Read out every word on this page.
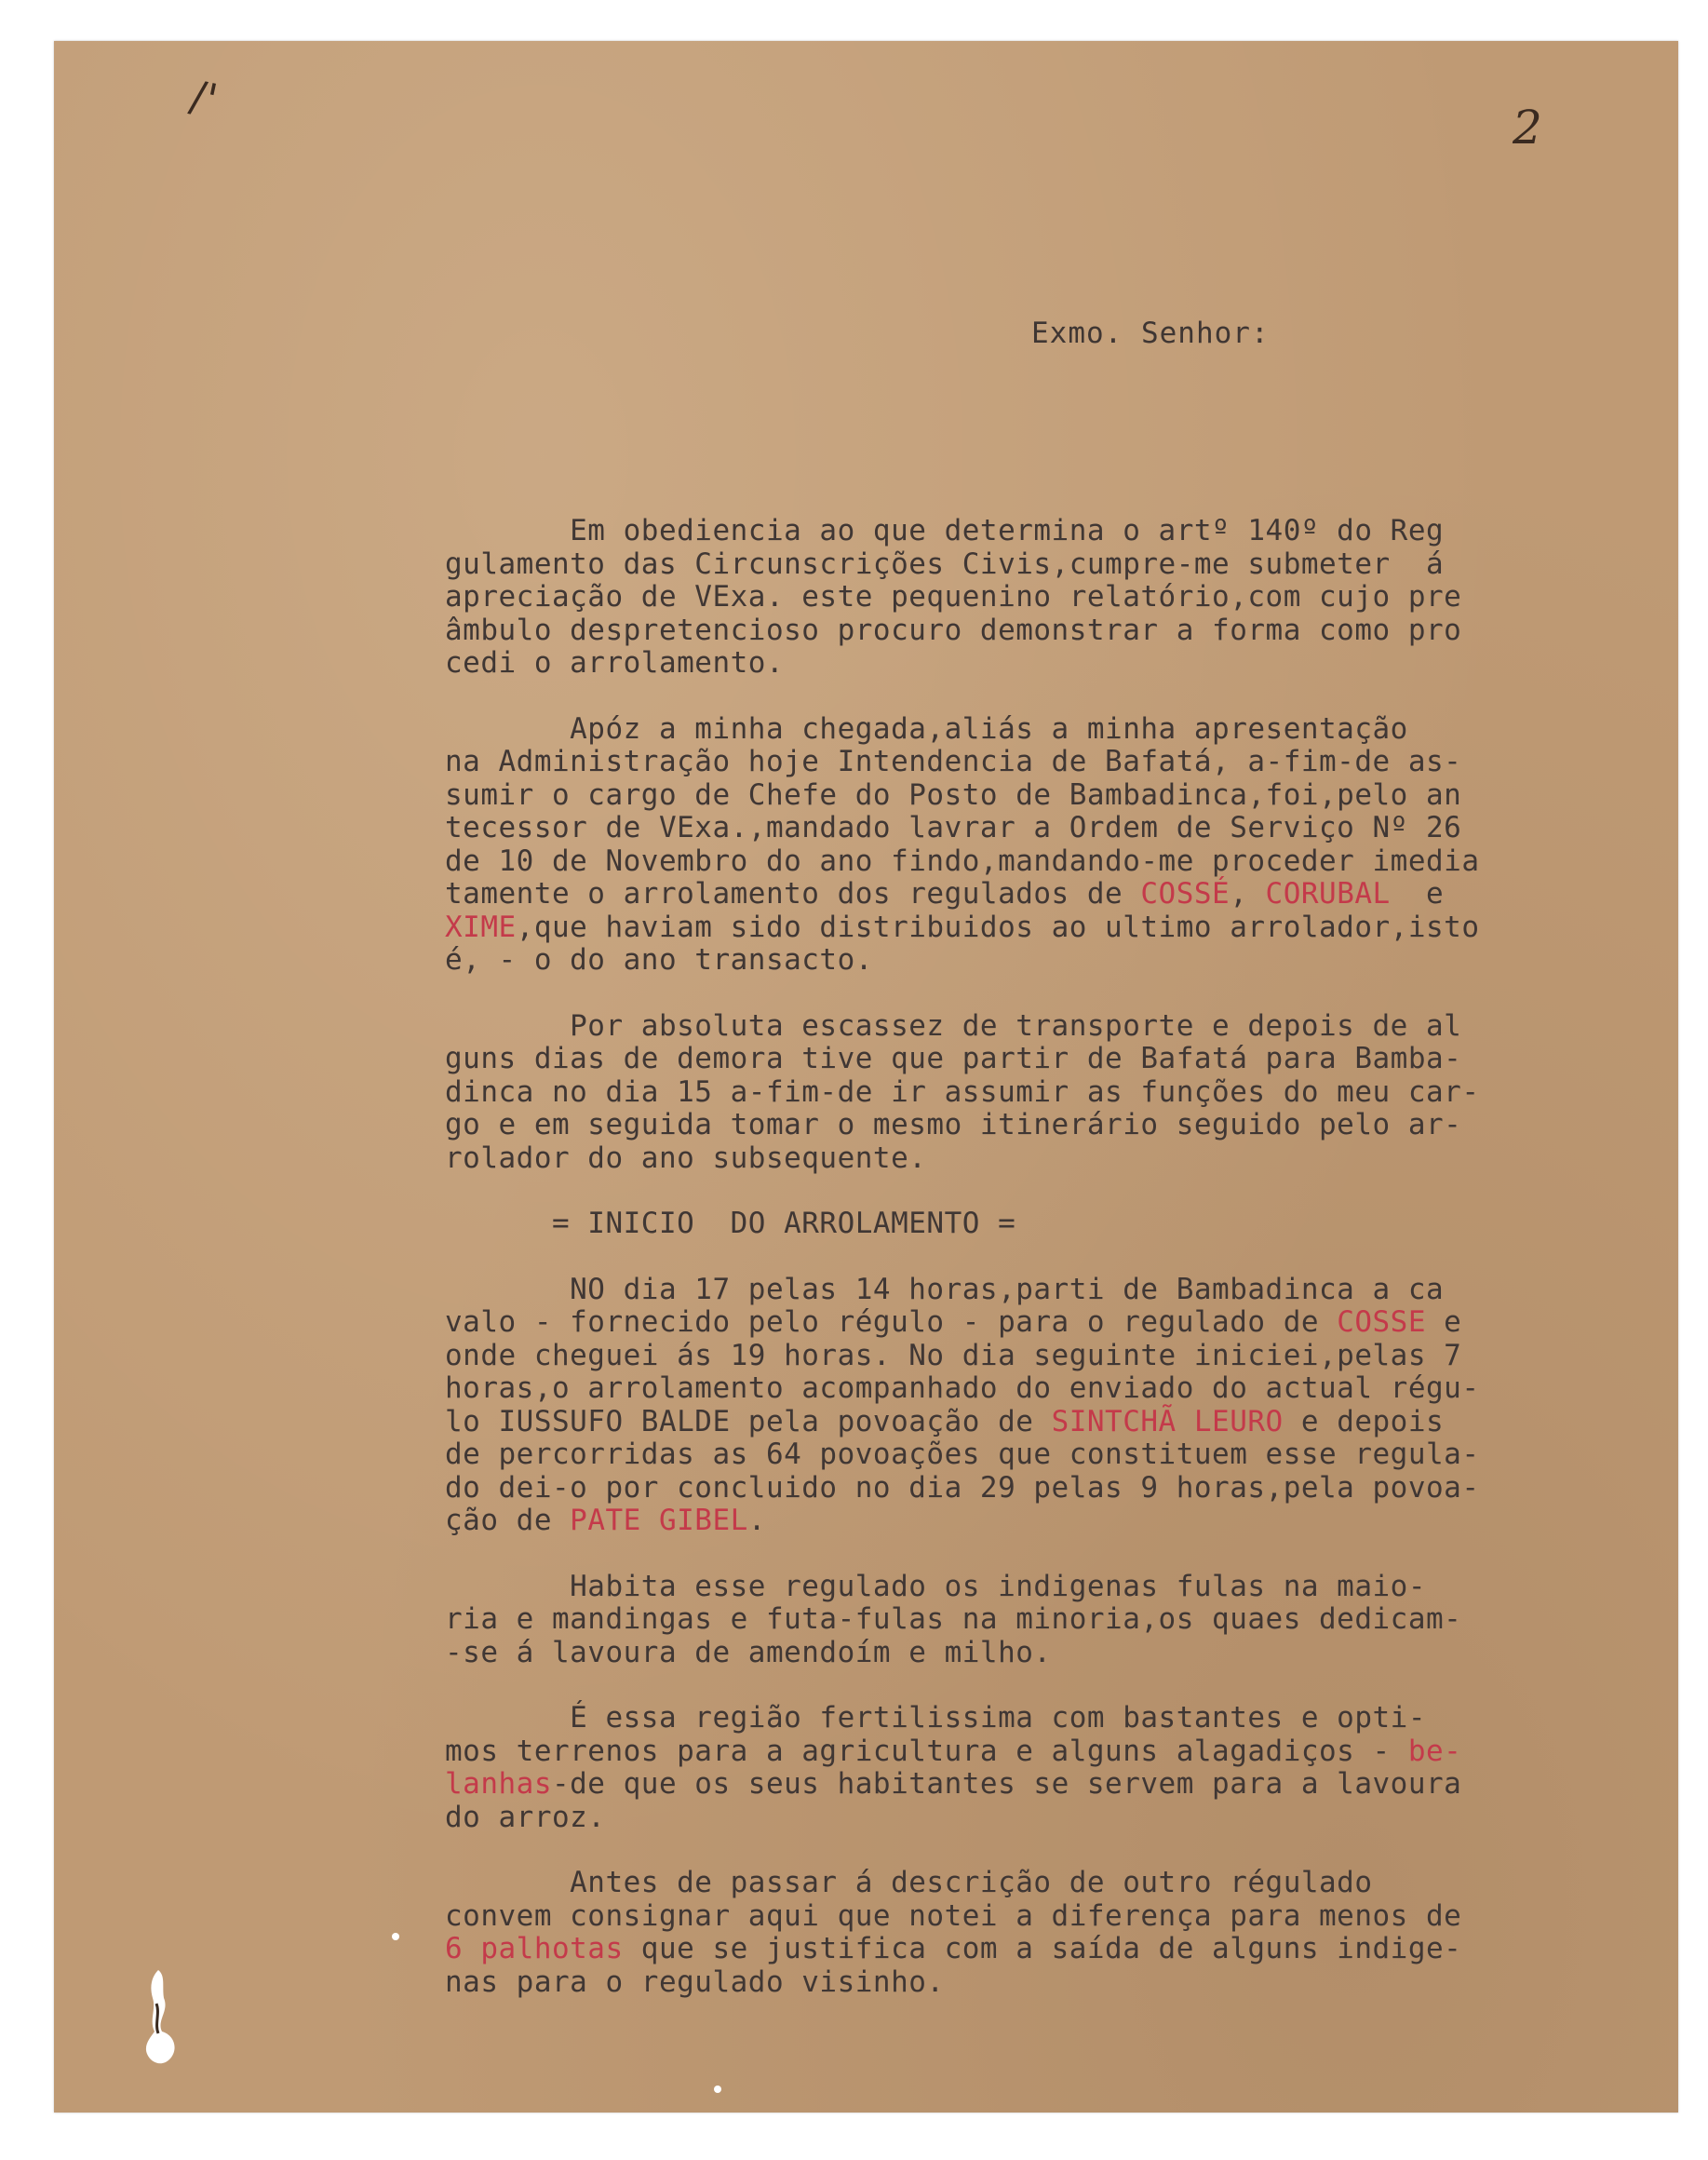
/'
2
Exmo. Senhor:
Em obediencia ao que determina o artº 140º do Reg
gulamento das Circunscrições Civis,cumpre-me submeter  á
apreciação de VExa. este pequenino relatório,com cujo pre
âmbulo despretencioso procuro demonstrar a forma como pro
cedi o arrolamento.
Apóz a minha chegada,aliás a minha apresentação
na Administração hoje Intendencia de Bafatá, a-fim-de as-
sumir o cargo de Chefe do Posto de Bambadinca,foi,pelo an
tecessor de VExa.,mandado lavrar a Ordem de Serviço Nº 26
de 10 de Novembro do ano findo,mandando-me proceder imedia
tamente o arrolamento dos regulados de COSSÉ, CORUBAL  e
XIME,que haviam sido distribuidos ao ultimo arrolador,isto
é, - o do ano transacto.
Por absoluta escassez de transporte e depois de al
guns dias de demora tive que partir de Bafatá para Bamba-
dinca no dia 15 a-fim-de ir assumir as funções do meu car-
go e em seguida tomar o mesmo itinerário seguido pelo ar-
rolador do ano subsequente.
= INICIO  DO ARROLAMENTO =
NO dia 17 pelas 14 horas,parti de Bambadinca a ca
valo - fornecido pelo régulo - para o regulado de COSSE e
onde cheguei ás 19 horas. No dia seguinte iniciei,pelas 7
horas,o arrolamento acompanhado do enviado do actual régu-
lo IUSSUFO BALDE pela povoação de SINTCHÃ LEURO e depois
de percorridas as 64 povoações que constituem esse regula-
do dei-o por concluido no dia 29 pelas 9 horas,pela povoa-
ção de PATE GIBEL.
Habita esse regulado os indigenas fulas na maio-
ria e mandingas e futa-fulas na minoria,os quaes dedicam-
-se á lavoura de amendoím e milho.
É essa região fertilissima com bastantes e opti-
mos terrenos para a agricultura e alguns alagadiços - be-
lanhas-de que os seus habitantes se servem para a lavoura
do arroz.
Antes de passar á descrição de outro régulado
convem consignar aqui que notei a diferença para menos de
6 palhotas que se justifica com a saída de alguns indige-
nas para o regulado visinho.
